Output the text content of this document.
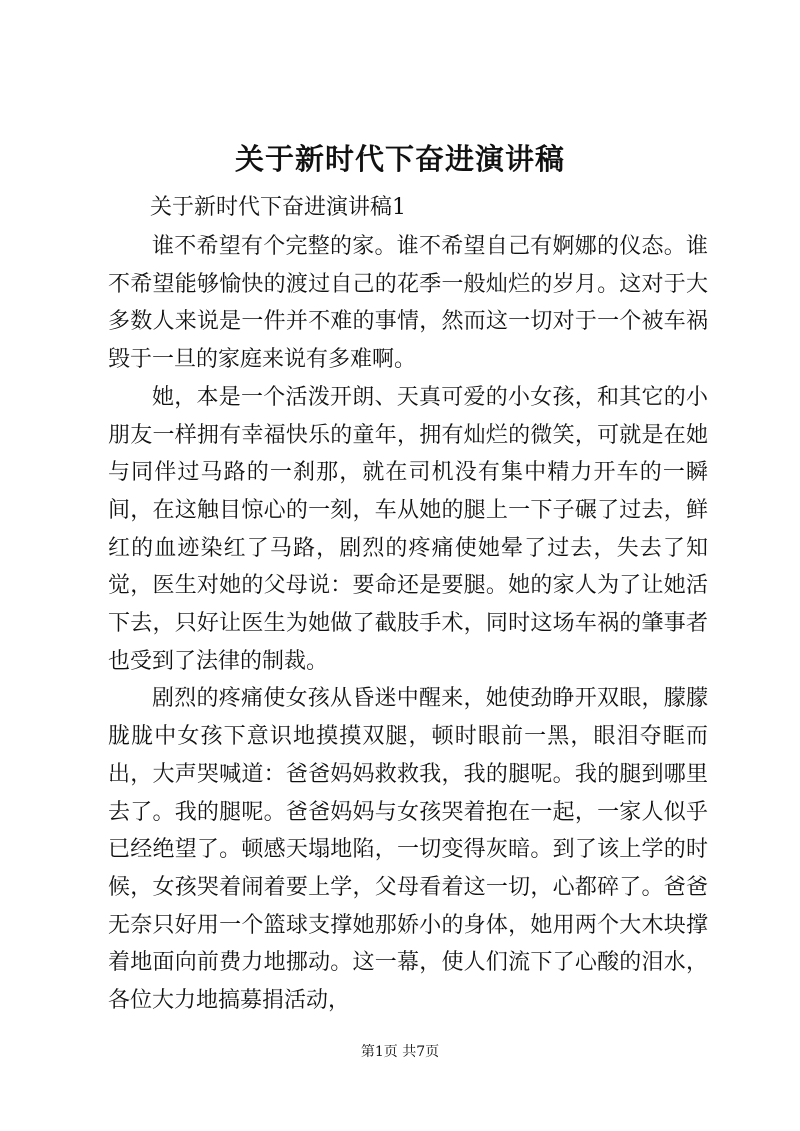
关于新时代下奋进演讲稿
关于新时代下奋进演讲稿1

谁不希望有个完整的家。谁不希望自己有婀娜的仪态。谁不希望能够愉快的渡过自己的花季一般灿烂的岁月。这对于大多数人来说是一件并不难的事情，然而这一切对于一个被车祸毁于一旦的家庭来说有多难啊。

她，本是一个活泼开朗、天真可爱的小女孩，和其它的小朋友一样拥有幸福快乐的童年，拥有灿烂的微笑，可就是在她与同伴过马路的一刹那，就在司机没有集中精力开车的一瞬间，在这触目惊心的一刻，车从她的腿上一下子碾了过去，鲜红的血迹染红了马路，剧烈的疼痛使她晕了过去，失去了知觉，医生对她的父母说：要命还是要腿。她的家人为了让她活下去，只好让医生为她做了截肢手术，同时这场车祸的肇事者也受到了法律的制裁。

剧烈的疼痛使女孩从昏迷中醒来，她使劲睁开双眼，朦朦胧胧中女孩下意识地摸摸双腿，顿时眼前一黑，眼泪夺眶而出，大声哭喊道：爸爸妈妈救救我，我的腿呢。我的腿到哪里去了。我的腿呢。爸爸妈妈与女孩哭着抱在一起，一家人似乎已经绝望了。顿感天塌地陷，一切变得灰暗。到了该上学的时候，女孩哭着闹着要上学，父母看着这一切，心都碎了。爸爸无奈只好用一个篮球支撑她那娇小的身体，她用两个大木块撑着地面向前费力地挪动。这一幕，使人们流下了心酸的泪水，各位大力地搞募捐活动，

第1页 共7页
